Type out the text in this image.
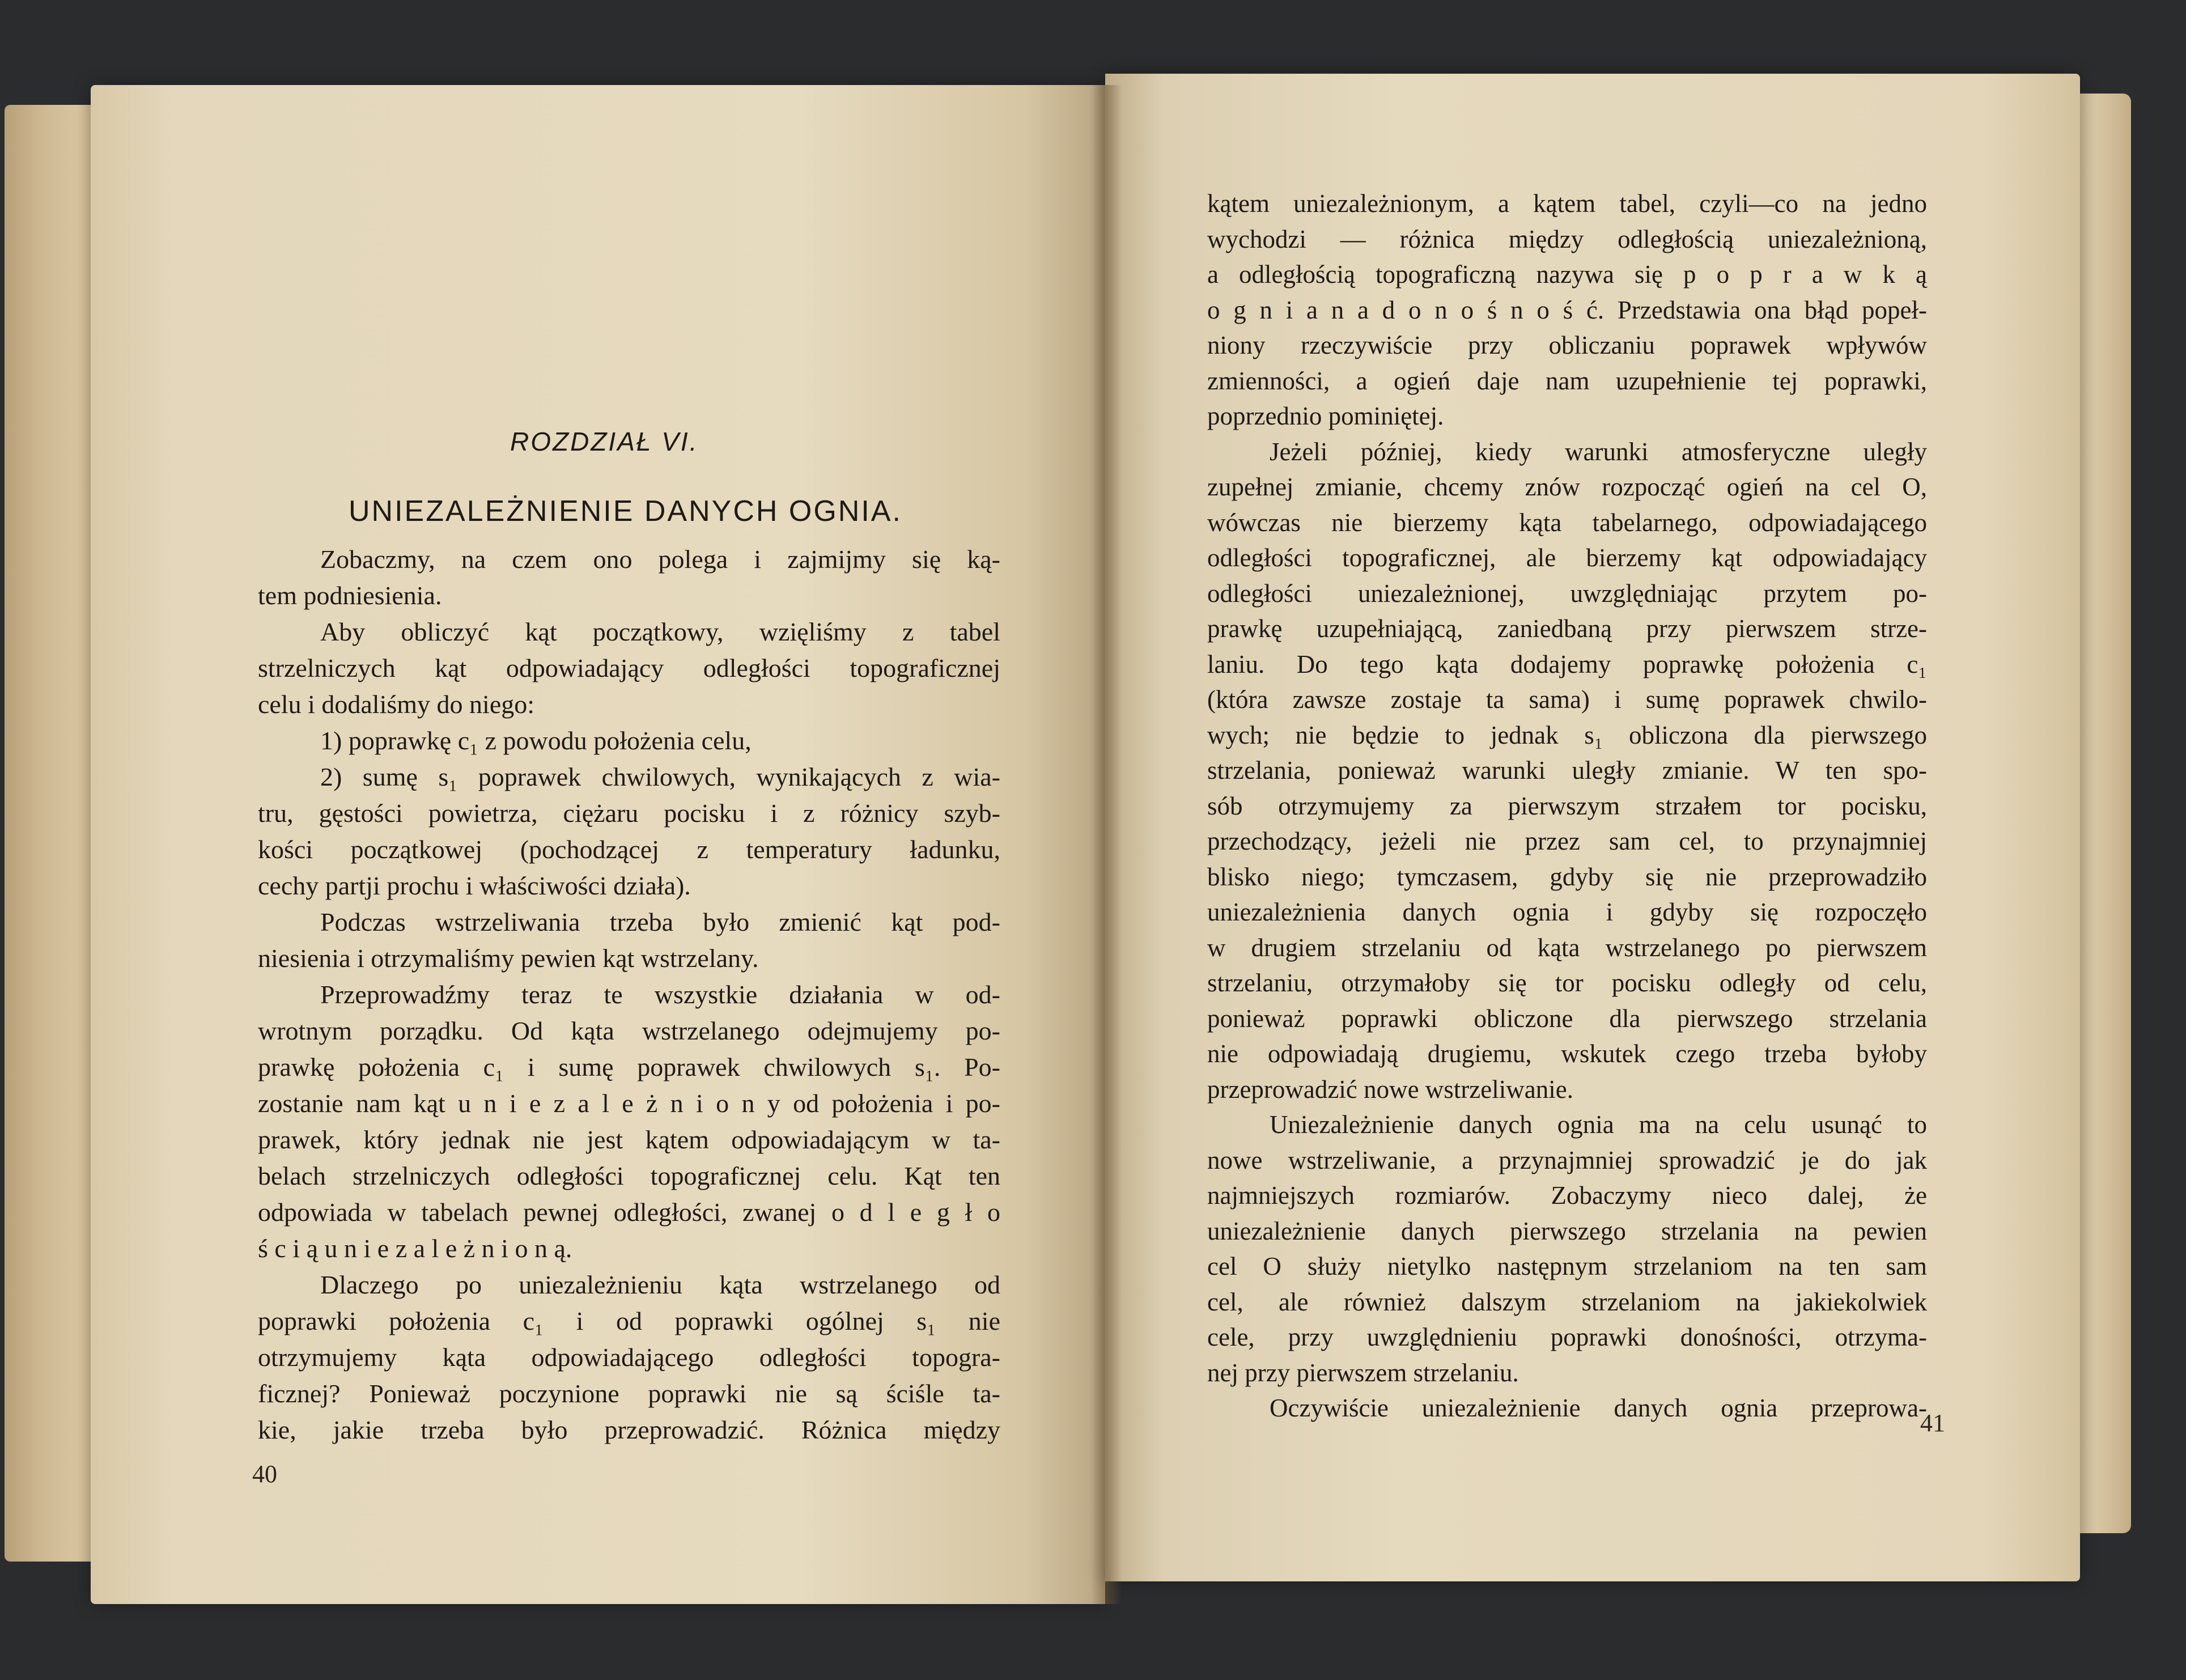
ROZDZIAŁ VI.
UNIEZALEŻNIENIE DANYCH OGNIA.

Zobaczmy, na czem ono polega i zajmijmy się ką-

tem podniesienia.

Aby obliczyć kąt początkowy, wzięliśmy z tabel

strzelniczych kąt odpowiadający odległości topograficznej

celu i dodaliśmy do niego:

1) poprawkę c₁ z powodu położenia celu,

2) sumę s₁ poprawek chwilowych, wynikających z wia-

tru, gęstości powietrza, ciężaru pocisku i z różnicy szyb-

kości początkowej (pochodzącej z temperatury ładunku,

cechy partji prochu i właściwości działa).

Podczas wstrzeliwania trzeba było zmienić kąt pod-

niesienia i otrzymaliśmy pewien kąt wstrzelany.

Przeprowadźmy teraz te wszystkie działania w od-

wrotnym porządku. Od kąta wstrzelanego odejmujemy po-

prawkę położenia c₁ i sumę poprawek chwilowych s₁. Po-

zostanie nam kąt u n i e z a l e ż n i o n y od położenia i po-

prawek, który jednak nie jest kątem odpowiadającym w ta-

belach strzelniczych odległości topograficznej celu. Kąt ten

odpowiada w tabelach pewnej odległości, zwanej o d l e g ł o

ś c i ą u n i e z a l e ż n i o n ą.

Dlaczego po uniezależnieniu kąta wstrzelanego od

poprawki położenia c₁ i od poprawki ogólnej s₁ nie

otrzymujemy kąta odpowiadającego odległości topogra-

ficznej? Ponieważ poczynione poprawki nie są ściśle ta-

kie, jakie trzeba było przeprowadzić. Różnica między

40

kątem uniezależnionym, a kątem tabel, czyli—co na jedno

wychodzi — różnica między odległością uniezależnioną,

a odległością topograficzną nazywa się p o p r a w k ą

o g n i a n a d o n o ś n o ś ć. Przedstawia ona błąd popeł-

niony rzeczywiście przy obliczaniu poprawek wpływów

zmienności, a ogień daje nam uzupełnienie tej poprawki,

poprzednio pominiętej.

Jeżeli później, kiedy warunki atmosferyczne uległy

zupełnej zmianie, chcemy znów rozpocząć ogień na cel O,

wówczas nie bierzemy kąta tabelarnego, odpowiadającego

odległości topograficznej, ale bierzemy kąt odpowiadający

odległości uniezależnionej, uwzględniając przytem po-

prawkę uzupełniającą, zaniedbaną przy pierwszem strze-

laniu. Do tego kąta dodajemy poprawkę położenia c₁

(która zawsze zostaje ta sama) i sumę poprawek chwilo-

wych; nie będzie to jednak s₁ obliczona dla pierwszego

strzelania, ponieważ warunki uległy zmianie. W ten spo-

sób otrzymujemy za pierwszym strzałem tor pocisku,

przechodzący, jeżeli nie przez sam cel, to przynajmniej

blisko niego; tymczasem, gdyby się nie przeprowadziło

uniezależnienia danych ognia i gdyby się rozpoczęło

w drugiem strzelaniu od kąta wstrzelanego po pierwszem

strzelaniu, otrzymałoby się tor pocisku odległy od celu,

ponieważ poprawki obliczone dla pierwszego strzelania

nie odpowiadają drugiemu, wskutek czego trzeba byłoby

przeprowadzić nowe wstrzeliwanie.

Uniezależnienie danych ognia ma na celu usunąć to

nowe wstrzeliwanie, a przynajmniej sprowadzić je do jak

najmniejszych rozmiarów. Zobaczymy nieco dalej, że

uniezależnienie danych pierwszego strzelania na pewien

cel O służy nietylko następnym strzelaniom na ten sam

cel, ale również dalszym strzelaniom na jakiekolwiek

cele, przy uwzględnieniu poprawki donośności, otrzyma-

nej przy pierwszem strzelaniu.

Oczywiście uniezależnienie danych ognia przeprowa-

41
